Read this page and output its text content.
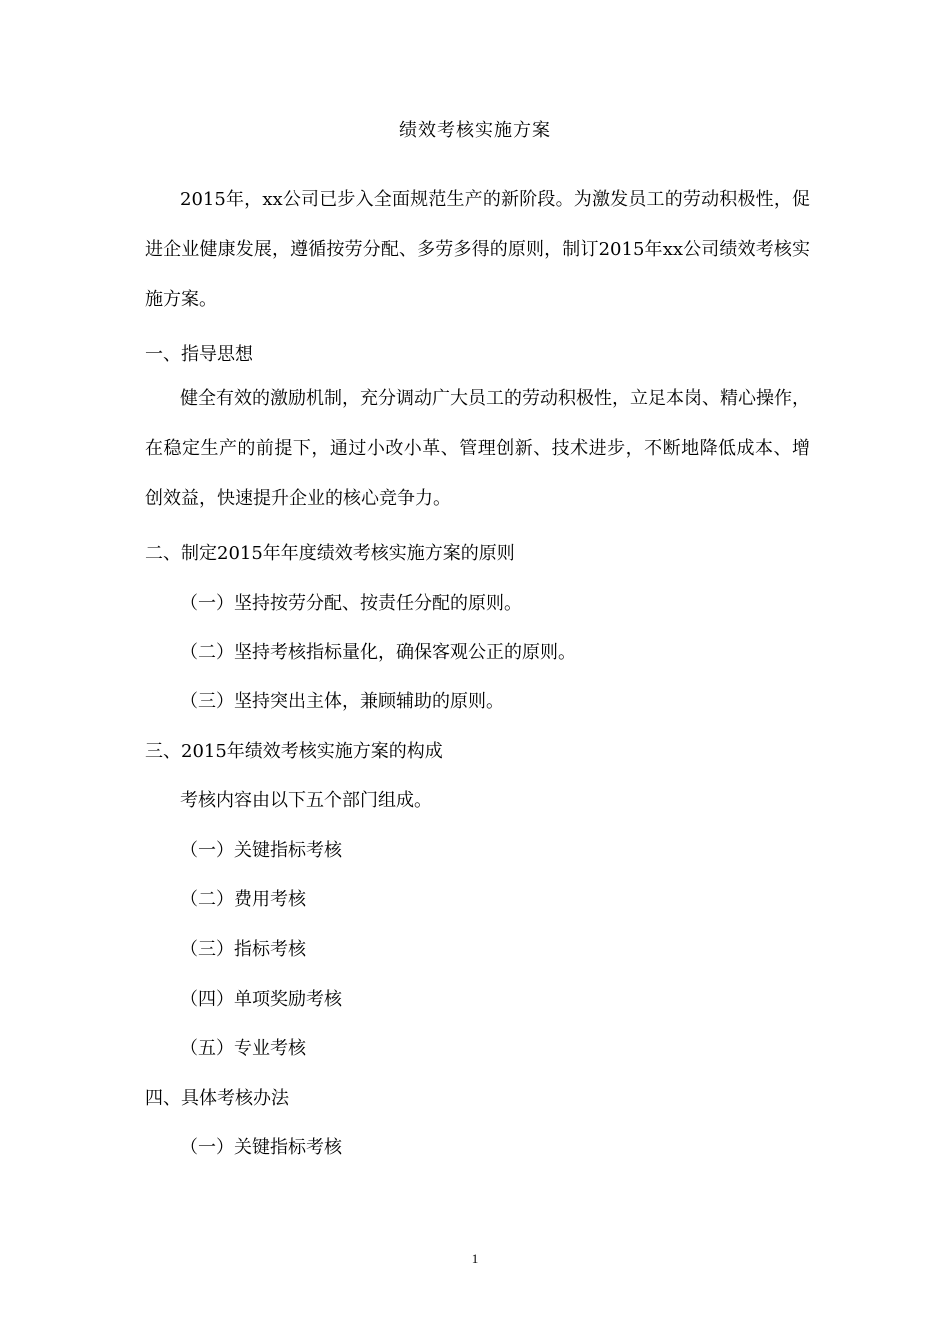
绩效考核实施方案
2015年，xx公司已步入全面规范生产的新阶段。为激发员工的劳动积极性，促进企业健康发展，遵循按劳分配、多劳多得的原则，制订2015年xx公司绩效考核实施方案。
一、指导思想
健全有效的激励机制，充分调动广大员工的劳动积极性，立足本岗、精心操作，在稳定生产的前提下，通过小改小革、管理创新、技术进步，不断地降低成本、增创效益，快速提升企业的核心竞争力。
二、制定2015年年度绩效考核实施方案的原则
（一）坚持按劳分配、按责任分配的原则。
（二）坚持考核指标量化，确保客观公正的原则。
（三）坚持突出主体，兼顾辅助的原则。
三、2015年绩效考核实施方案的构成
考核内容由以下五个部门组成。
（一）关键指标考核
（二）费用考核
（三）指标考核
（四）单项奖励考核
（五）专业考核
四、具体考核办法
（一）关键指标考核
1
